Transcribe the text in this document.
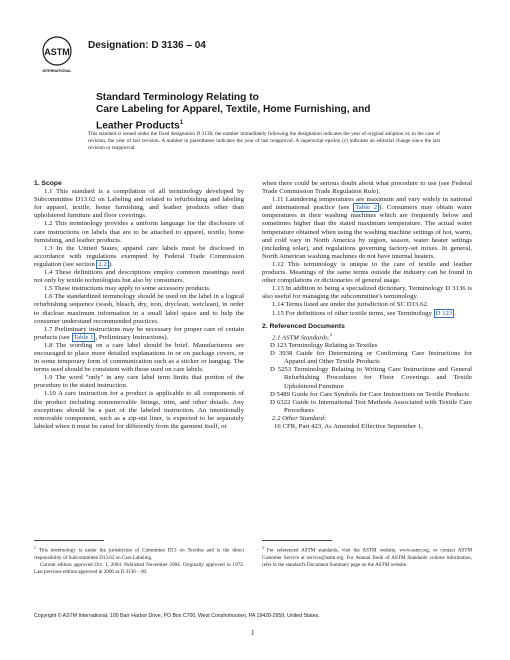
ASTM
INTERNATIONAL
Designation: D 3136 – 04
Standard Terminology Relating to
Care Labeling for Apparel, Textile, Home Furnishing, and
Leather Products$^1$
This standard is issued under the fixed designation D 3136; the number immediately following the designation indicates the year of original adoption or, in the case of revision, the year of last revision. A number in parentheses indicates the year of last reapproval. A superscript epsilon (ε) indicates an editorial change since the last revision or reapproval.

1. Scope

1.1 This standard is a compilation of all terminology developed by Subcommittee D13.62 on Labeling and related to refurbishing and labeling for apparel, textile, home furnishing, and leather products other than upholstered furniture and floor coverings.

1.2 This terminology provides a uniform language for the disclosure of care instructions on labels that are to be attached to apparel, textile, home furnishing, and leather products.

1.3 In the United States, apparel care labels must be disclosed in accordance with regulations exempted by Federal Trade Commission regulation (see section 2.2 ).

1.4 These definitions and descriptions employ common meanings used not only by textile technologists but also by consumers.

1.5 These instructions may apply to some accessory products.

1.6 The standardized terminology should be used on the label in a logical refurbishing sequence (wash, bleach, dry, iron, dryclean, wetclean), in order to disclose maximum information in a small label space and to help the consumer understand recommended practices.

1.7 Preliminary instructions may be necessary for proper care of certain products (see Table 1 , Preliminary Instructions).

1.8 The wording on a care label should be brief. Manufacturers are encouraged to place more detailed explanations in or on package covers, or in some temporary form of communication such as a sticker or hangtag. The terms used should be consistent with those used on care labels.

1.9 The word "only" in any care label term limits that portion of the procedure to the stated instruction.

1.10 A care instruction for a product is applicable to all components of the product including nonremovable linings, trim, and other details. Any exceptions should be a part of the labeled instruction. An intentionally removable component, such as a zip-out liner, is expected to be separately labeled when it must be cared for differently from the garment itself, or

when there could be serious doubt about what procedure to use (see Federal Trade Commission Trade Regulation Rule).

1.11 Laundering temperatures are maximum and vary widely in national and international practice (see Table 2 ). Consumers may obtain water temperatures in their washing machines which are frequently below and sometimes higher than the stated maximum temperature. The actual water temperature obtained when using the washing machine settings of hot, warm, and cold vary in North America by region, season, water heater settings (including solar), and regulations governing factory-set mixes. In general, North American washing machines do not have internal heaters.

1.12 This terminology is unique to the care of textile and leather products. Meanings of the same terms outside the industry can be found in other compilations or dictionaries of general usage.

1.13 In addition to being a specialized dictionary, Terminology D 3136 is also useful for managing the subcommittee's terminology.

1.14 Terms listed are under the jurisdiction of SC D13.62.

1.15 For definitions of other textile terms, see Terminology D 123 .

2. Referenced Documents

2.1 ASTM Standards:$^2$

D 123 Terminology Relating to Textiles

D 3938 Guide for Determining or Confirming Care Instructions for Apparel and Other Textile Products

D 5253 Terminology Relating to Writing Care Instructions and General Refurbishing Procedures for Floor Coverings and Textile Upholstered Furniture

D 5489 Guide for Care Symbols for Care Instructions on Textile Products

D 6322 Guide to International Test Methods Associated with Textile Care Procedures

2.2 Other Standard:

16 CFR, Part 423, As Amended Effective September 1,

$^1$ This terminology is under the jurisdiction of Committee D13 on Textiles and is the direct responsibility of Subcommittee D13.62 on Care Labeling.

Current edition approved Oct. 1, 2004. Published November 2004. Originally approved in 1972. Last previous edition approved in 2000 as D 3136 – 00.

$^2$ For referenced ASTM standards, visit the ASTM website, www.astm.org, or contact ASTM Customer Service at service@astm.org. For Annual Book of ASTM Standards volume information, refer to the standard's Document Summary page on the ASTM website.

Copyright © ASTM International, 100 Barr Harbor Drive, PO Box C700, West Conshohocken, PA 19428-2959, United States.
1
